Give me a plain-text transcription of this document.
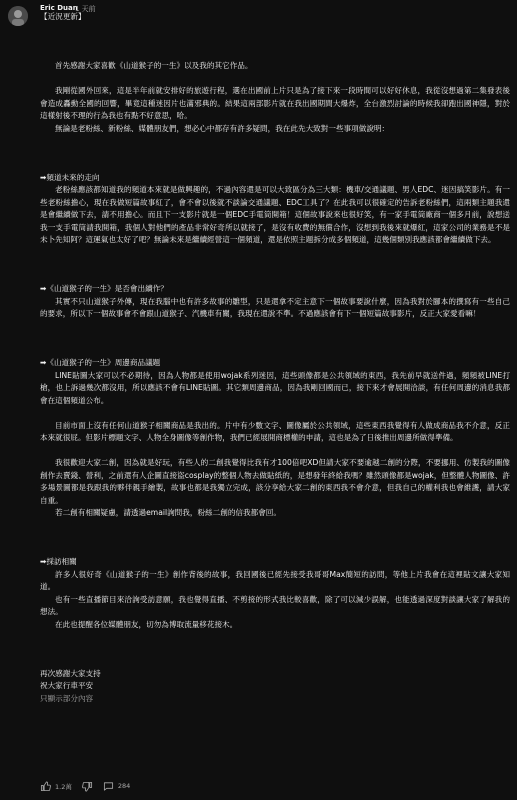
Eric Duan
1 天前
【近況更新】
首先感謝大家喜歡《山道猴子的一生》以及我的其它作品。
我剛從國外回來，這是半年前就安排好的旅遊行程，選在出國前上片只是為了接下來一段時間可以好好休息，我從沒想過第二集發表後會造成轟動全國的回響，畢竟這種迷因片也滿邪典的。結果這兩部影片就在我出國期間大爆炸，全台激烈討論的時候我卻跑出國神隱，對於這樣射後不理的行為我也有點不好意思，哈。
無論是老粉絲、新粉絲、媒體朋友們，想必心中都存有許多疑問，我在此先大致對一些事項做說明：
➡頻道未來的走向
老粉絲應該都知道我的頻道本來就是做興趣的，不過內容還是可以大致區分為三大類：機車/交通議題、男人EDC、迷因搞笑影片。有一些老粉絲擔心，現在我做短篇故事紅了，會不會以後就不談論交通議題、EDC工具了？在此我可以很確定的告訴老粉絲們，這兩類主題我還是會繼續做下去，請不用擔心。而且下一支影片就是一個EDC手電筒開箱！這個故事說來也很好笑，有一家手電筒廠商一個多月前，說想送我一支手電筒請我開箱，我個人對他們的產品非常好奇所以就接了，是沒有收費的無償合作，沒想到我後來就爆紅，這家公司的業務是不是未卜先知阿？這運氣也太好了吧？無論未來是繼續經營這一個頻道，還是依照主題拆分成多個頻道，這幾個類別我應該都會繼續做下去。
➡《山道猴子的一生》是否會出續作？
其實不只山道猴子外傳，現在我腦中也有許多故事的雛型，只是還拿不定主意下一個故事要說什麼，因為我對於腳本的撰寫有一些自己的要求，所以下一個故事會不會跟山道猴子、汽機車有關，我現在還說不準。不過應該會有下一個短篇故事影片，反正大家愛看嘛！
➡《山道猴子的一生》周邊商品議題
LINE貼圖大家可以不必期待，因為人物都是使用wojak系列迷因，這些頭像都是公共領域的東西，我先前早就送件過，頻頻被LINE打槍，也上訴過幾次都沒用，所以應該不會有LINE貼圖。其它類周邊商品，因為我剛回國而已，接下來才會展開洽談，有任何周邊的消息我都會在這個頻道公布。
目前市面上沒有任何山道猴子相關商品是我出的。片中有少數文字、圖像屬於公共領域，這些東西我覺得有人做成商品我不介意，反正本來就很屁。但影片標題文字、人物全身圖像等創作物，我們已經展開商標權的申請，這也是為了日後推出周邊所做得準備。
我很歡迎大家二創，因為就是好玩，有些人的二創我覺得比我有才100倍吧XD但請大家不要逾越二創的分際，不要挪用、仿製我的圖像創作去賣錢、營利，之前還有人企圖直接盜cosplay的整個人物去做貼紙的，是想發年終給我嗎？雖然頭像都是wojak，但整體人物圖像、許多場景圖都是我跟我的夥伴親手繪製，故事也都是我獨立完成，該分享給大家二創的東西我不會介意，但我自己的權利我也會維護，請大家自重。
若二創有相關疑慮，請透過email詢問我，粉絲二創的信我都會回。
➡採訪相關
許多人很好奇《山道猴子的一生》創作背後的故事，我回國後已經先接受我哥哥Max簡短的訪問，等他上片我會在這裡貼文讓大家知道。
也有一些直播節目來洽詢受訪意願，我也覺得直播、不剪接的形式我比較喜歡，除了可以減少誤解，也能透過深度對談讓大家了解我的想法。
在此也提醒各位媒體朋友，切勿為博取流量移花接木。
再次感謝大家支持
祝大家行車平安
只顯示部分內容
1.2萬	284
